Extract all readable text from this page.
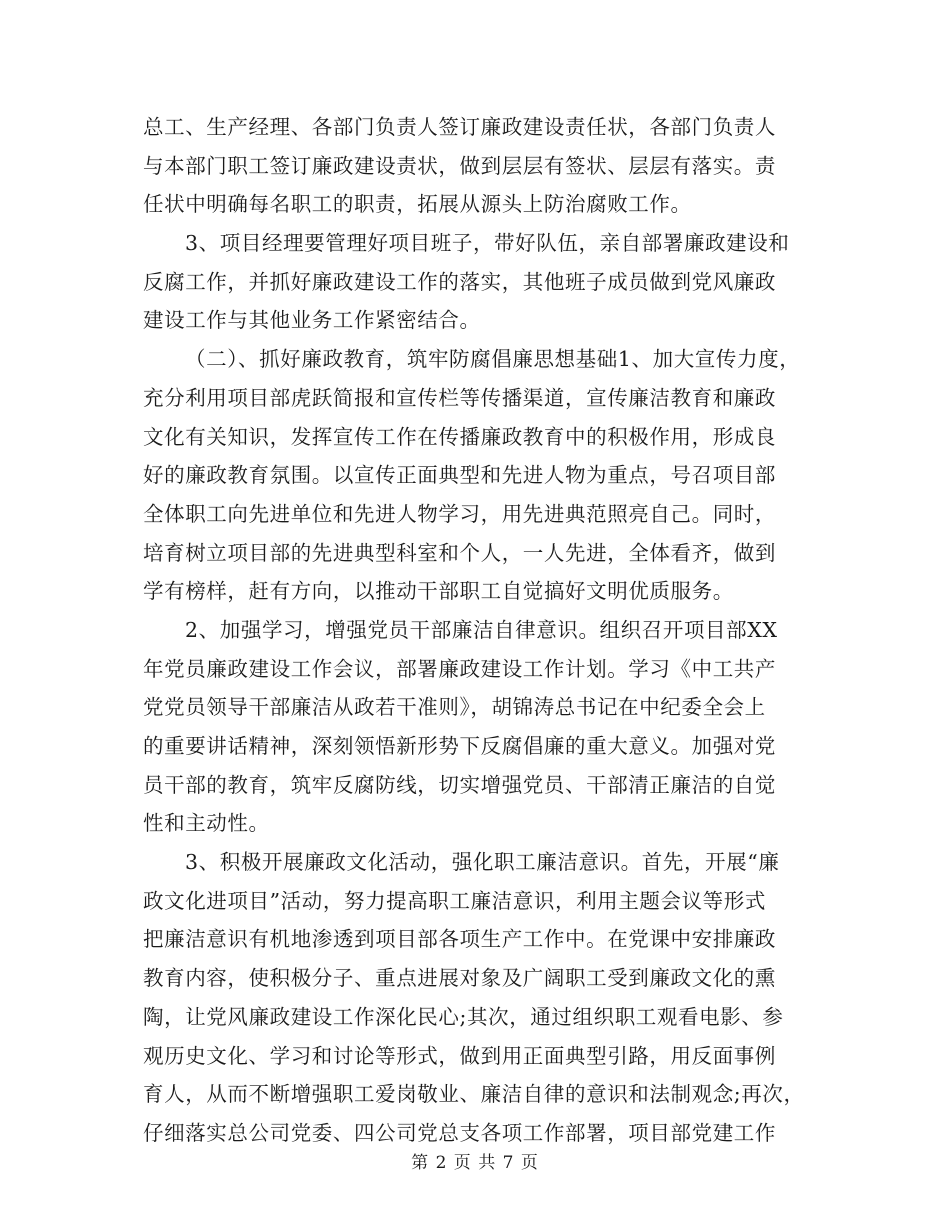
总工、生产经理、各部门负责人签订廉政建设责任状，各部门负责人
与本部门职工签订廉政建设责状，做到层层有签状、层层有落实。责
任状中明确每名职工的职责，拓展从源头上防治腐败工作。
3、项目经理要管理好项目班子，带好队伍，亲自部署廉政建设和
反腐工作，并抓好廉政建设工作的落实，其他班子成员做到党风廉政
建设工作与其他业务工作紧密结合。
（二）、抓好廉政教育，筑牢防腐倡廉思想基础1、加大宣传力度，
充分利用项目部虎跃简报和宣传栏等传播渠道，宣传廉洁教育和廉政
文化有关知识，发挥宣传工作在传播廉政教育中的积极作用，形成良
好的廉政教育氛围。以宣传正面典型和先进人物为重点，号召项目部
全体职工向先进单位和先进人物学习，用先进典范照亮自己。同时，
培育树立项目部的先进典型科室和个人，一人先进，全体看齐，做到
学有榜样，赶有方向，以推动干部职工自觉搞好文明优质服务。
2、加强学习，增强党员干部廉洁自律意识。组织召开项目部XX
年党员廉政建设工作会议，部署廉政建设工作计划。学习《中工共产
党党员领导干部廉洁从政若干准则》，胡锦涛总书记在中纪委全会上
的重要讲话精神，深刻领悟新形势下反腐倡廉的重大意义。加强对党
员干部的教育，筑牢反腐防线，切实增强党员、干部清正廉洁的自觉
性和主动性。
3、积极开展廉政文化活动，强化职工廉洁意识。首先，开展“廉
政文化进项目”活动，努力提高职工廉洁意识，利用主题会议等形式
把廉洁意识有机地渗透到项目部各项生产工作中。在党课中安排廉政
教育内容，使积极分子、重点进展对象及广阔职工受到廉政文化的熏
陶，让党风廉政建设工作深化民心;其次，通过组织职工观看电影、参
观历史文化、学习和讨论等形式，做到用正面典型引路，用反面事例
育人，从而不断增强职工爱岗敬业、廉洁自律的意识和法制观念;再次，
仔细落实总公司党委、四公司党总支各项工作部署，项目部党建工作
第 2 页 共 7 页
